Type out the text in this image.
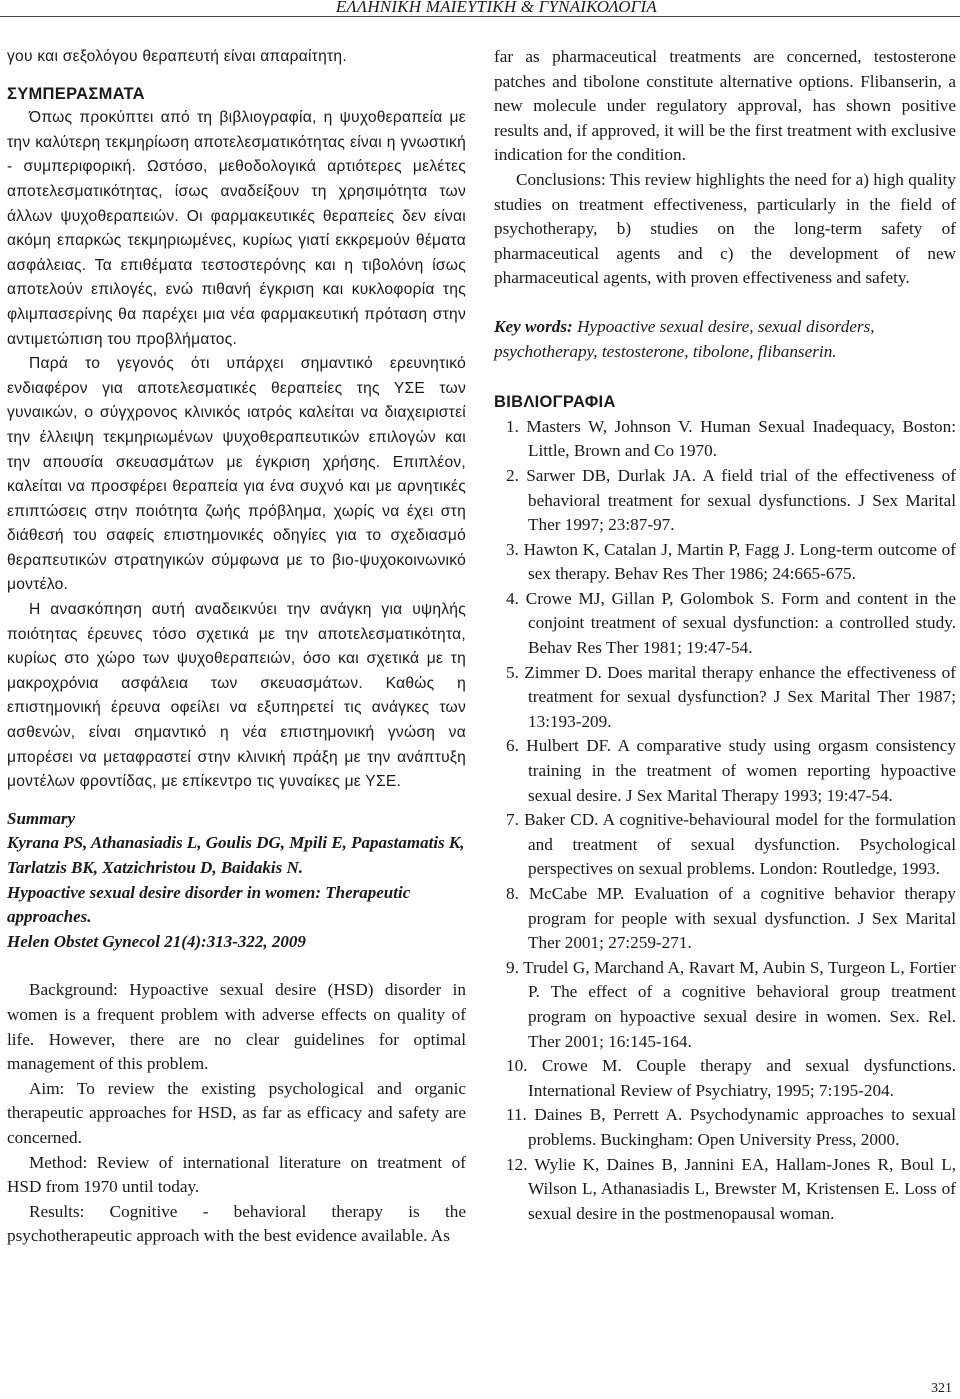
ΕΛΛΗΝΙΚΗ ΜΑΙΕΥΤΙΚΗ & ΓΥΝΑΙΚΟΛΟΓΙΑ

γου και σεξολόγου θεραπευτή είναι απαραίτητη.

ΣΥΜΠΕΡΑΣΜΑΤΑ

Όπως προκύπτει από τη βιβλιογραφία, η ψυχοθεραπεία με την καλύτερη τεκμηρίωση αποτελεσματικότητας είναι η γνωστική - συμπεριφορική. Ωστόσο, μεθοδολογικά αρτιότερες μελέτες αποτελεσματικότητας, ίσως αναδείξουν τη χρησιμότητα των άλλων ψυχοθεραπειών. Οι φαρμακευτικές θεραπείες δεν είναι ακόμη επαρκώς τεκμηριωμένες, κυρίως γιατί εκκρεμούν θέματα ασφάλειας. Τα επιθέματα τεστοστερόνης και η τιβολόνη ίσως αποτελούν επιλογές, ενώ πιθανή έγκριση και κυκλοφορία της φλιμπασερίνης θα παρέχει μια νέα φαρμακευτική πρόταση στην αντιμετώπιση του προβλήματος.

Παρά το γεγονός ότι υπάρχει σημαντικό ερευνητικό ενδιαφέρον για αποτελεσματικές θεραπείες της ΥΣΕ των γυναικών, ο σύγχρονος κλινικός ιατρός καλείται να διαχειριστεί την έλλειψη τεκμηριωμένων ψυχοθεραπευτικών επιλογών και την απουσία σκευασμάτων με έγκριση χρήσης. Επιπλέον, καλείται να προσφέρει θεραπεία για ένα συχνό και με αρνητικές επιπτώσεις στην ποιότητα ζωής πρόβλημα, χωρίς να έχει στη διάθεσή του σαφείς επιστημονικές οδηγίες για το σχεδιασμό θεραπευτικών στρατηγικών σύμφωνα με το βιο-ψυχοκοινωνικό μοντέλο.

Η ανασκόπηση αυτή αναδεικνύει την ανάγκη για υψηλής ποιότητας έρευνες τόσο σχετικά με την αποτελεσματικότητα, κυρίως στο χώρο των ψυχοθεραπειών, όσο και σχετικά με τη μακροχρόνια ασφάλεια των σκευασμάτων. Καθώς η επιστημονική έρευνα οφείλει να εξυπηρετεί τις ανάγκες των ασθενών, είναι σημαντικό η νέα επιστημονική γνώση να μπορέσει να μεταφραστεί στην κλινική πράξη με την ανάπτυξη μοντέλων φροντίδας, με επίκεντρο τις γυναίκες με ΥΣΕ.

Summary
Kyrana PS, Athanasiadis L, Goulis DG, Mpili E, Papastamatis K, Tarlatzis BK, Xatzichristou D, Baidakis N.
Hypoactive sexual desire disorder in women: Therapeutic approaches.
Helen Obstet Gynecol 21(4):313-322, 2009

Background: Hypoactive sexual desire (HSD) disorder in women is a frequent problem with adverse effects on quality of life. However, there are no clear guidelines for optimal management of this problem.

Aim: To review the existing psychological and organic therapeutic approaches for HSD, as far as efficacy and safety are concerned.

Method: Review of international literature on treatment of HSD from 1970 until today.

Results: Cognitive - behavioral therapy is the psychotherapeutic approach with the best evidence available. As

far as pharmaceutical treatments are concerned, testosterone patches and tibolone constitute alternative options. Flibanserin, a new molecule under regulatory approval, has shown positive results and, if approved, it will be the first treatment with exclusive indication for the condition.

Conclusions: This review highlights the need for a) high quality studies on treatment effectiveness, particularly in the field of psychotherapy, b) studies on the long-term safety of pharmaceutical agents and c) the development of new pharmaceutical agents, with proven effectiveness and safety.

Key words: Hypoactive sexual desire, sexual disorders, psychotherapy, testosterone, tibolone, flibanserin.

ΒΙΒΛΙΟΓΡΑΦΙΑ

1. Masters W, Johnson V. Human Sexual Inadequacy, Boston: Little, Brown and Co 1970.

2. Sarwer DB, Durlak JA. A field trial of the effectiveness of behavioral treatment for sexual dysfunctions. J Sex Marital Ther 1997; 23:87-97.

3. Hawton K, Catalan J, Martin P, Fagg J. Long-term outcome of sex therapy. Behav Res Ther 1986; 24:665-675.

4. Crowe MJ, Gillan P, Golombok S. Form and content in the conjoint treatment of sexual dysfunction: a controlled study. Behav Res Ther 1981; 19:47-54.

5. Zimmer D. Does marital therapy enhance the effectiveness of treatment for sexual dysfunction? J Sex Marital Ther 1987; 13:193-209.

6. Hulbert DF. A comparative study using orgasm consistency training in the treatment of women reporting hypoactive sexual desire. J Sex Marital Therapy 1993; 19:47-54.

7. Baker CD. A cognitive-behavioural model for the formulation and treatment of sexual dysfunction. Psychological perspectives on sexual problems. London: Routledge, 1993.

8. McCabe MP. Evaluation of a cognitive behavior therapy program for people with sexual dysfunction. J Sex Marital Ther 2001; 27:259-271.

9. Trudel G, Marchand A, Ravart M, Aubin S, Turgeon L, Fortier P. The effect of a cognitive behavioral group treatment program on hypoactive sexual desire in women. Sex. Rel. Ther 2001; 16:145-164.

10. Crowe M. Couple therapy and sexual dysfunctions. International Review of Psychiatry, 1995; 7:195-204.

11. Daines B, Perrett A. Psychodynamic approaches to sexual problems. Buckingham: Open University Press, 2000.

12. Wylie K, Daines B, Jannini EA, Hallam-Jones R, Boul L, Wilson L, Athanasiadis L, Brewster M, Kristensen E. Loss of sexual desire in the postmenopausal woman.

321
